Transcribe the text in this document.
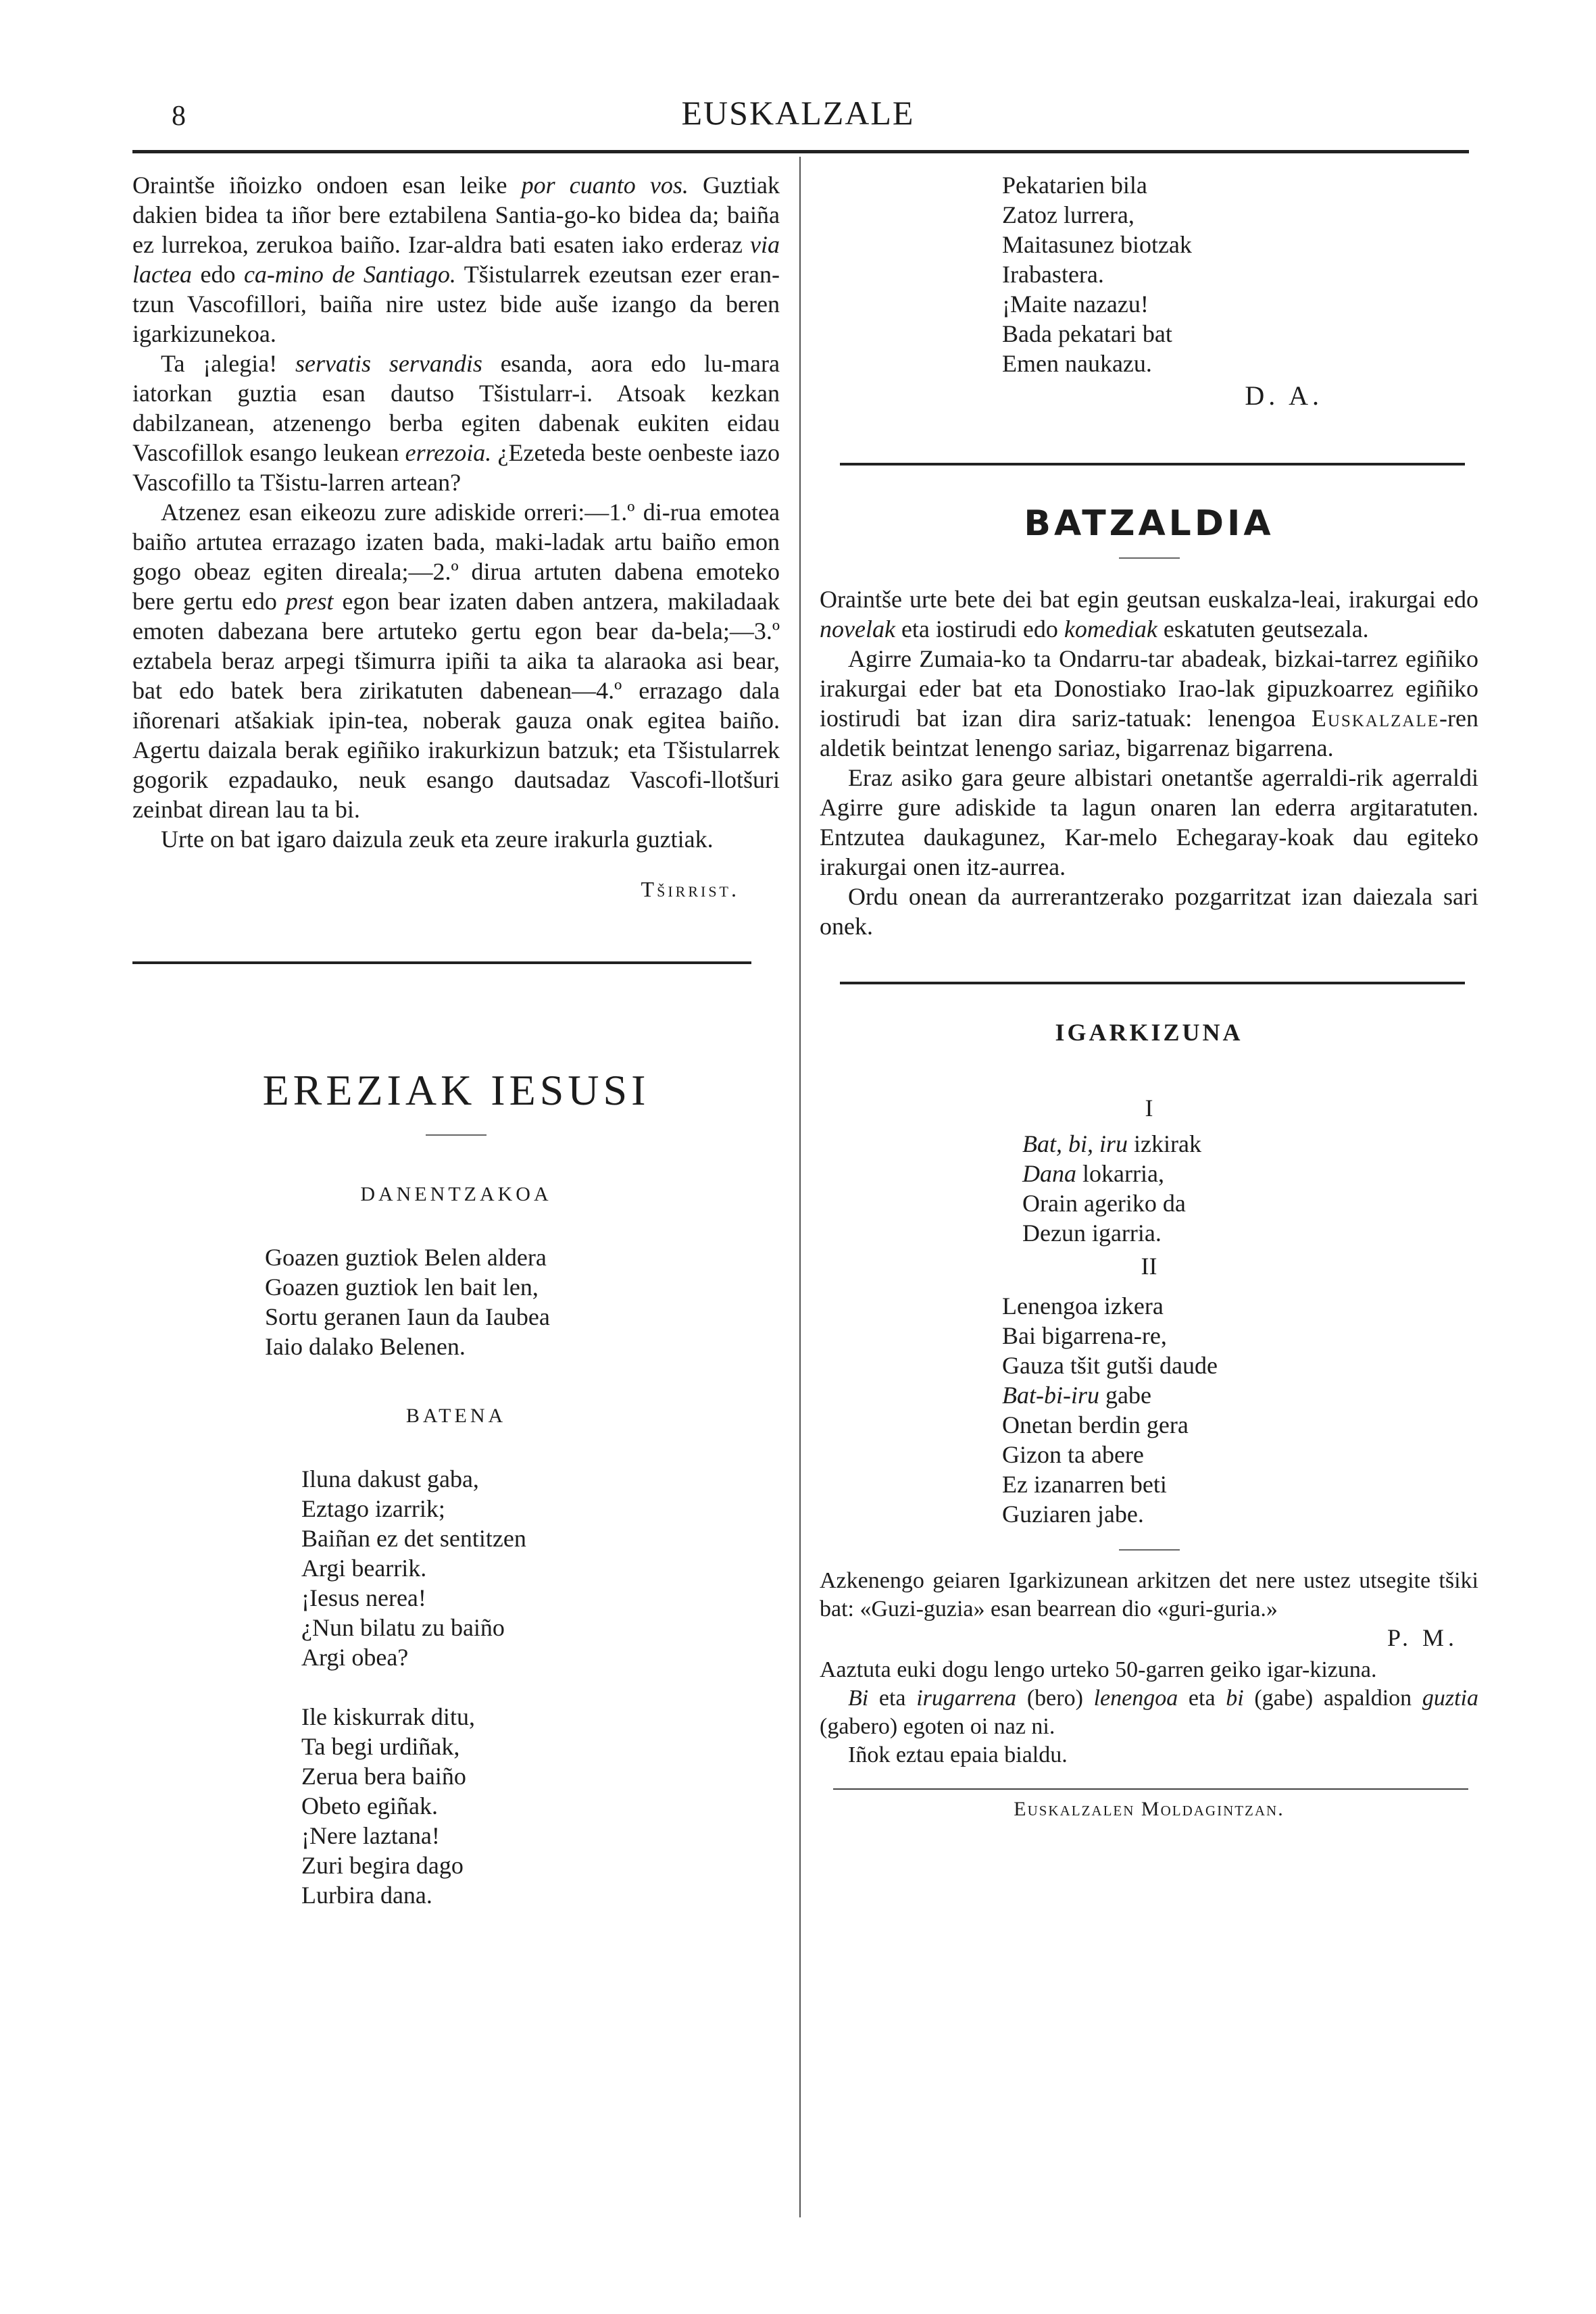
8	EUSKALZALE

Oraintše iñoizko ondoen esan leike por cuanto vos. Guztiak dakien bidea ta iñor bere eztabilena Santia-go-ko bidea da; baiña ez lurrekoa, zerukoa baiño. Izar-aldra bati esaten iako erderaz via lactea edo ca-mino de Santiago. Tšistularrek ezeutsan ezer eran-tzun Vascofillori, baiña nire ustez bide auše izango da beren igarkizunekoa.

Ta ¡alegia! servatis servandis esanda, aora edo lu-mara iatorkan guztia esan dautso Tšistularr-i. Atsoak kezkan dabilzanean, atzenengo berba egiten dabenak eukiten eidau Vascofillok esango leukean errezoia. ¿Ezeteda beste oenbeste iazo Vascofillo ta Tšistu-larren artean?

Atzenez esan eikeozu zure adiskide orreri:—1.º di-rua emotea baiño artutea errazago izaten bada, maki-ladak artu baiño emon gogo obeaz egiten direala;—2.º dirua artuten dabena emoteko bere gertu edo prest egon bear izaten daben antzera, makiladaak emoten dabezana bere artuteko gertu egon bear da-bela;—3.º eztabela beraz arpegi tšimurra ipiñi ta aika ta alaraoka asi bear, bat edo batek bera zirikatuten dabenean—4.º errazago dala iñorenari atšakiak ipin-tea, noberak gauza onak egitea baiño. Agertu daizala berak egiñiko irakurkizun batzuk; eta Tšistularrek gogorik ezpadauko, neuk esango dautsadaz Vascofi-llotšuri zeinbat direan lau ta bi.

Urte on bat igaro daizula zeuk eta zeure irakurla guztiak.

Tširrist.
EREZIAK IESUSI
DANENTZAKOA
Goazen guztiok Belen aldera
Goazen guztiok len bait len,
Sortu geranen Iaun da Iaubea
Iaio dalako Belenen.
BATENA
Iluna dakust gaba,
Eztago izarrik;
Baiñan ez det sentitzen
Argi bearrik.
¡Iesus nerea!
¿Nun bilatu zu baiño
Argi obea?
Ile kiskurrak ditu,
Ta begi urdiñak,
Zerua bera baiño
Obeto egiñak.
¡Nere laztana!
Zuri begira dago
Lurbira dana.
Pekatarien bila
Zatoz lurrera,
Maitasunez biotzak
Irabastera.
¡Maite nazazu!
Bada pekatari bat
Emen naukazu.
D. A.
BATZALDIA

Oraintše urte bete dei bat egin geutsan euskalza-leai, irakurgai edo novelak eta iostirudi edo komediak eskatuten geutsezala.

Agirre Zumaia-ko ta Ondarru-tar abadeak, bizkai-tarrez egiñiko irakurgai eder bat eta Donostiako Irao-lak gipuzkoarrez egiñiko iostirudi bat izan dira sariz-tatuak: lenengoa Euskalzale-ren aldetik beintzat lenengo sariaz, bigarrenaz bigarrena.

Eraz asiko gara geure albistari onetantše agerraldi-rik agerraldi Agirre gure adiskide ta lagun onaren lan ederra argitaratuten. Entzutea daukagunez, Kar-melo Echegaray-koak dau egiteko irakurgai onen itz-aurrea.

Ordu onean da aurrerantzerako pozgarritzat izan daiezala sari onek.

IGARKIZUNA
I
Bat, bi, iru izkirak
Dana lokarria,
Orain ageriko da
Dezun igarria.
II
Lenengoa izkera
Bai bigarrena-re,
Gauza tšit gutši daude
Bat-bi-iru gabe
Onetan berdin gera
Gizon ta abere
Ez izanarren beti
Guziaren jabe.

Azkenengo geiaren Igarkizunean arkitzen det nere ustez utsegite tšiki bat: «Guzi-guzia» esan bearrean dio «guri-guria.»

P. M.

Aaztuta euki dogu lengo urteko 50-garren geiko igar-kizuna.

Bi eta irugarrena (bero) lenengoa eta bi (gabe) aspaldion guztia (gabero) egoten oi naz ni.

Iñok eztau epaia bialdu.

Euskalzalen Moldagintzan.
